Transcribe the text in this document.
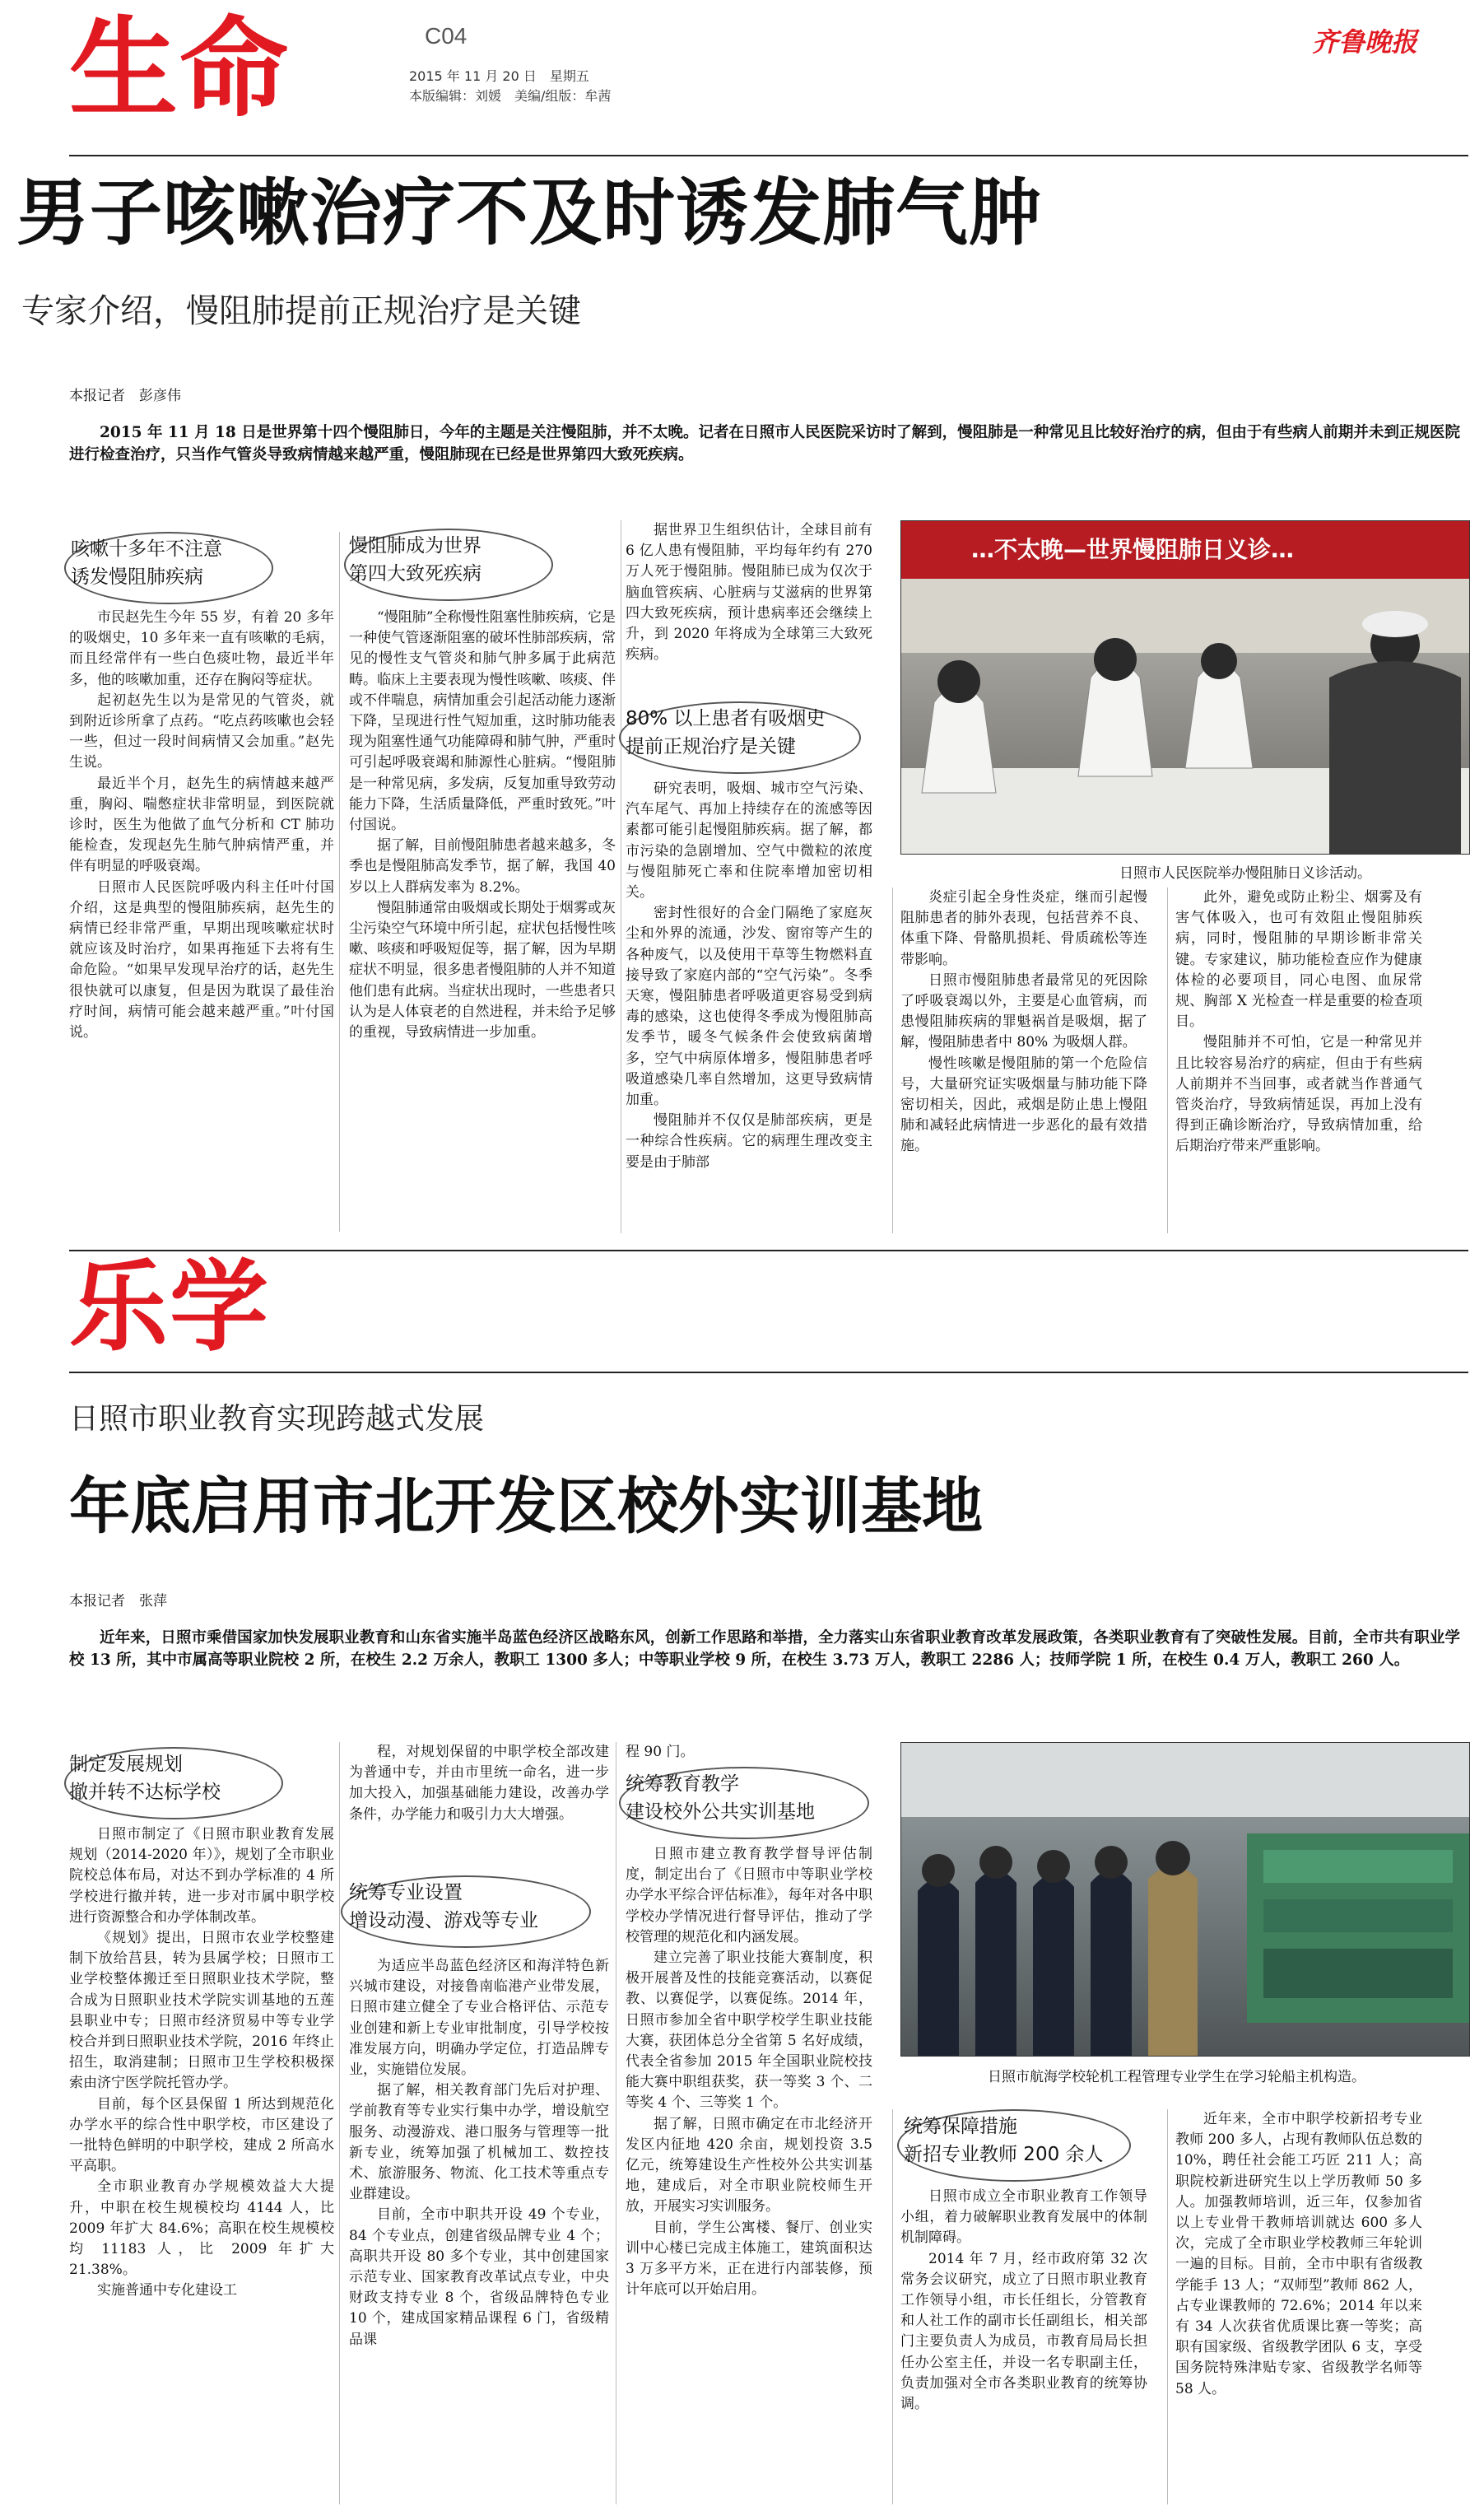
生命	C04
2015 年 11 月 20 日　星期五
本版编辑：刘媛　美编/组版：牟茜
齐鲁晚报
男子咳嗽治疗不及时诱发肺气肿
专家介绍，慢阻肺提前正规治疗是关键
本报记者　彭彦伟

2015 年 11 月 18 日是世界第十四个慢阻肺日，今年的主题是关注慢阻肺，并不太晚。记者在日照市人民医院采访时了解到，慢阻肺是一种常见且比较好治疗的病，但由于有些病人前期并未到正规医院进行检查治疗，只当作气管炎导致病情越来越严重，慢阻肺现在已经是世界第四大致死疾病。

咳嗽十多年不注意
诱发慢阻肺疾病

市民赵先生今年 55 岁，有着 20 多年的吸烟史，10 多年来一直有咳嗽的毛病，而且经常伴有一些白色痰吐物，最近半年多，他的咳嗽加重，还存在胸闷等症状。

起初赵先生以为是常见的气管炎，就到附近诊所拿了点药。“吃点药咳嗽也会轻一些，但过一段时间病情又会加重。”赵先生说。

最近半个月，赵先生的病情越来越严重，胸闷、喘憋症状非常明显，到医院就诊时，医生为他做了血气分析和 CT 肺功能检查，发现赵先生肺气肿病情严重，并伴有明显的呼吸衰竭。

日照市人民医院呼吸内科主任叶付国介绍，这是典型的慢阻肺疾病，赵先生的病情已经非常严重，早期出现咳嗽症状时就应该及时治疗，如果再拖延下去将有生命危险。“如果早发现早治疗的话，赵先生很快就可以康复，但是因为耽误了最佳治疗时间，病情可能会越来越严重。”叶付国说。

慢阻肺成为世界
第四大致死疾病

“慢阻肺”全称慢性阻塞性肺疾病，它是一种使气管逐渐阻塞的破坏性肺部疾病，常见的慢性支气管炎和肺气肿多属于此病范畴。临床上主要表现为慢性咳嗽、咳痰、伴或不伴喘息，病情加重会引起活动能力逐渐下降，呈现进行性气短加重，这时肺功能表现为阻塞性通气功能障碍和肺气肿，严重时可引起呼吸衰竭和肺源性心脏病。“慢阻肺是一种常见病，多发病，反复加重导致劳动能力下降，生活质量降低，严重时致死。”叶付国说。

据了解，目前慢阻肺患者越来越多，冬季也是慢阻肺高发季节，据了解，我国 40 岁以上人群病发率为 8.2%。

慢阻肺通常由吸烟或长期处于烟雾或灰尘污染空气环境中所引起，症状包括慢性咳嗽、咳痰和呼吸短促等，据了解，因为早期症状不明显，很多患者慢阻肺的人并不知道他们患有此病。当症状出现时，一些患者只认为是人体衰老的自然进程，并未给予足够的重视，导致病情进一步加重。

据世界卫生组织估计，全球目前有 6 亿人患有慢阻肺，平均每年约有 270 万人死于慢阻肺。慢阻肺已成为仅次于脑血管疾病、心脏病与艾滋病的世界第四大致死疾病，预计患病率还会继续上升，到 2020 年将成为全球第三大致死疾病。

80% 以上患者有吸烟史
提前正规治疗是关键

研究表明，吸烟、城市空气污染、汽车尾气、再加上持续存在的流感等因素都可能引起慢阻肺疾病。据了解，都市污染的急剧增加、空气中微粒的浓度与慢阻肺死亡率和住院率增加密切相关。

密封性很好的合金门隔绝了家庭灰尘和外界的流通，沙发、窗帘等产生的各种废气，以及使用干草等生物燃料直接导致了家庭内部的“空气污染”。冬季天寒，慢阻肺患者呼吸道更容易受到病毒的感染，这也使得冬季成为慢阻肺高发季节，暖冬气候条件会使致病菌增多，空气中病原体增多，慢阻肺患者呼吸道感染几率自然增加，这更导致病情加重。

慢阻肺并不仅仅是肺部疾病，更是一种综合性疾病。它的病理生理改变主要是由于肺部

…不太晚—世界慢阻肺日义诊…
日照市人民医院举办慢阻肺日义诊活动。

炎症引起全身性炎症，继而引起慢阻肺患者的肺外表现，包括营养不良、体重下降、骨骼肌损耗、骨质疏松等连带影响。

日照市慢阻肺患者最常见的死因除了呼吸衰竭以外，主要是心血管病，而患慢阻肺疾病的罪魁祸首是吸烟，据了解，慢阻肺患者中 80% 为吸烟人群。

慢性咳嗽是慢阻肺的第一个危险信号，大量研究证实吸烟量与肺功能下降密切相关，因此，戒烟是防止患上慢阻肺和减轻此病情进一步恶化的最有效措施。

此外，避免或防止粉尘、烟雾及有害气体吸入，也可有效阻止慢阻肺疾病，同时，慢阻肺的早期诊断非常关键。专家建议，肺功能检查应作为健康体检的必要项目，同心电图、血尿常规、胸部 X 光检查一样是重要的检查项目。

慢阻肺并不可怕，它是一种常见并且比较容易治疗的病症，但由于有些病人前期并不当回事，或者就当作普通气管炎治疗，导致病情延误，再加上没有得到正确诊断治疗，导致病情加重，给后期治疗带来严重影响。

乐学
日照市职业教育实现跨越式发展
年底启用市北开发区校外实训基地
本报记者　张萍

近年来，日照市乘借国家加快发展职业教育和山东省实施半岛蓝色经济区战略东风，创新工作思路和举措，全力落实山东省职业教育改革发展政策，各类职业教育有了突破性发展。目前，全市共有职业学校 13 所，其中市属高等职业院校 2 所，在校生 2.2 万余人，教职工 1300 多人；中等职业学校 9 所，在校生 3.73 万人，教职工 2286 人；技师学院 1 所，在校生 0.4 万人，教职工 260 人。

制定发展规划
撤并转不达标学校

日照市制定了《日照市职业教育发展规划（2014-2020 年）》，规划了全市职业院校总体布局，对达不到办学标准的 4 所学校进行撤并转，进一步对市属中职学校进行资源整合和办学体制改革。

《规划》提出，日照市农业学校整建制下放给莒县，转为县属学校；日照市工业学校整体搬迁至日照职业技术学院，整合成为日照职业技术学院实训基地的五莲县职业中专；日照市经济贸易中等专业学校合并到日照职业技术学院，2016 年终止招生，取消建制；日照市卫生学校积极探索由济宁医学院托管办学。

目前，每个区县保留 1 所达到规范化办学水平的综合性中职学校，市区建设了一批特色鲜明的中职学校，建成 2 所高水平高职。

全市职业教育办学规模效益大大提升，中职在校生规模校均 4144 人，比 2009 年扩大 84.6%；高职在校生规模校均 11183 人，比 2009 年扩大 21.38%。

实施普通中专化建设工

程，对规划保留的中职学校全部改建为普通中专，并由市里统一命名，进一步加大投入，加强基础能力建设，改善办学条件，办学能力和吸引力大大增强。

统筹专业设置
增设动漫、游戏等专业

为适应半岛蓝色经济区和海洋特色新兴城市建设，对接鲁南临港产业带发展，日照市建立健全了专业合格评估、示范专业创建和新上专业审批制度，引导学校按准发展方向，明确办学定位，打造品牌专业，实施错位发展。

据了解，相关教育部门先后对护理、学前教育等专业实行集中办学，增设航空服务、动漫游戏、港口服务与管理等一批新专业，统筹加强了机械加工、数控技术、旅游服务、物流、化工技术等重点专业群建设。

目前，全市中职共开设 49 个专业，84 个专业点，创建省级品牌专业 4 个；高职共开设 80 多个专业，其中创建国家示范专业、国家教育改革试点专业，中央财政支持专业 8 个，省级品牌特色专业 10 个，建成国家精品课程 6 门，省级精品课

程 90 门。

统筹教育教学
建设校外公共实训基地

日照市建立教育教学督导评估制度，制定出台了《日照市中等职业学校办学水平综合评估标准》，每年对各中职学校办学情况进行督导评估，推动了学校管理的规范化和内涵发展。

建立完善了职业技能大赛制度，积极开展普及性的技能竞赛活动，以赛促教、以赛促学，以赛促练。2014 年，日照市参加全省中职学校学生职业技能大赛，获团体总分全省第 5 名好成绩，代表全省参加 2015 年全国职业院校技能大赛中职组获奖，获一等奖 3 个、二等奖 4 个、三等奖 1 个。

据了解，日照市确定在市北经济开发区内征地 420 余亩，规划投资 3.5 亿元，统筹建设生产性校外公共实训基地，建成后，对全市职业院校师生开放，开展实习实训服务。

目前，学生公寓楼、餐厅、创业实训中心楼已完成主体施工，建筑面积达 3 万多平方米，正在进行内部装修，预计年底可以开始启用。

日照市航海学校轮机工程管理专业学生在学习轮船主机构造。
统筹保障措施
新招专业教师 200 余人

日照市成立全市职业教育工作领导小组，着力破解职业教育发展中的体制机制障碍。

2014 年 7 月，经市政府第 32 次常务会议研究，成立了日照市职业教育工作领导小组，市长任组长，分管教育和人社工作的副市长任副组长，相关部门主要负责人为成员，市教育局局长担任办公室主任，并设一名专职副主任，负责加强对全市各类职业教育的统筹协调。

近年来，全市中职学校新招考专业教师 200 多人，占现有教师队伍总数的 10%，聘任社会能工巧匠 211 人；高职院校新进研究生以上学历教师 50 多人。加强教师培训，近三年，仅参加省以上专业骨干教师培训就达 600 多人次，完成了全市职业学校教师三年轮训一遍的目标。目前，全市中职有省级教学能手 13 人；“双师型”教师 862 人，占专业课教师的 72.6%；2014 年以来有 34 人次获省优质课比赛一等奖；高职有国家级、省级教学团队 6 支，享受国务院特殊津贴专家、省级教学名师等 58 人。
